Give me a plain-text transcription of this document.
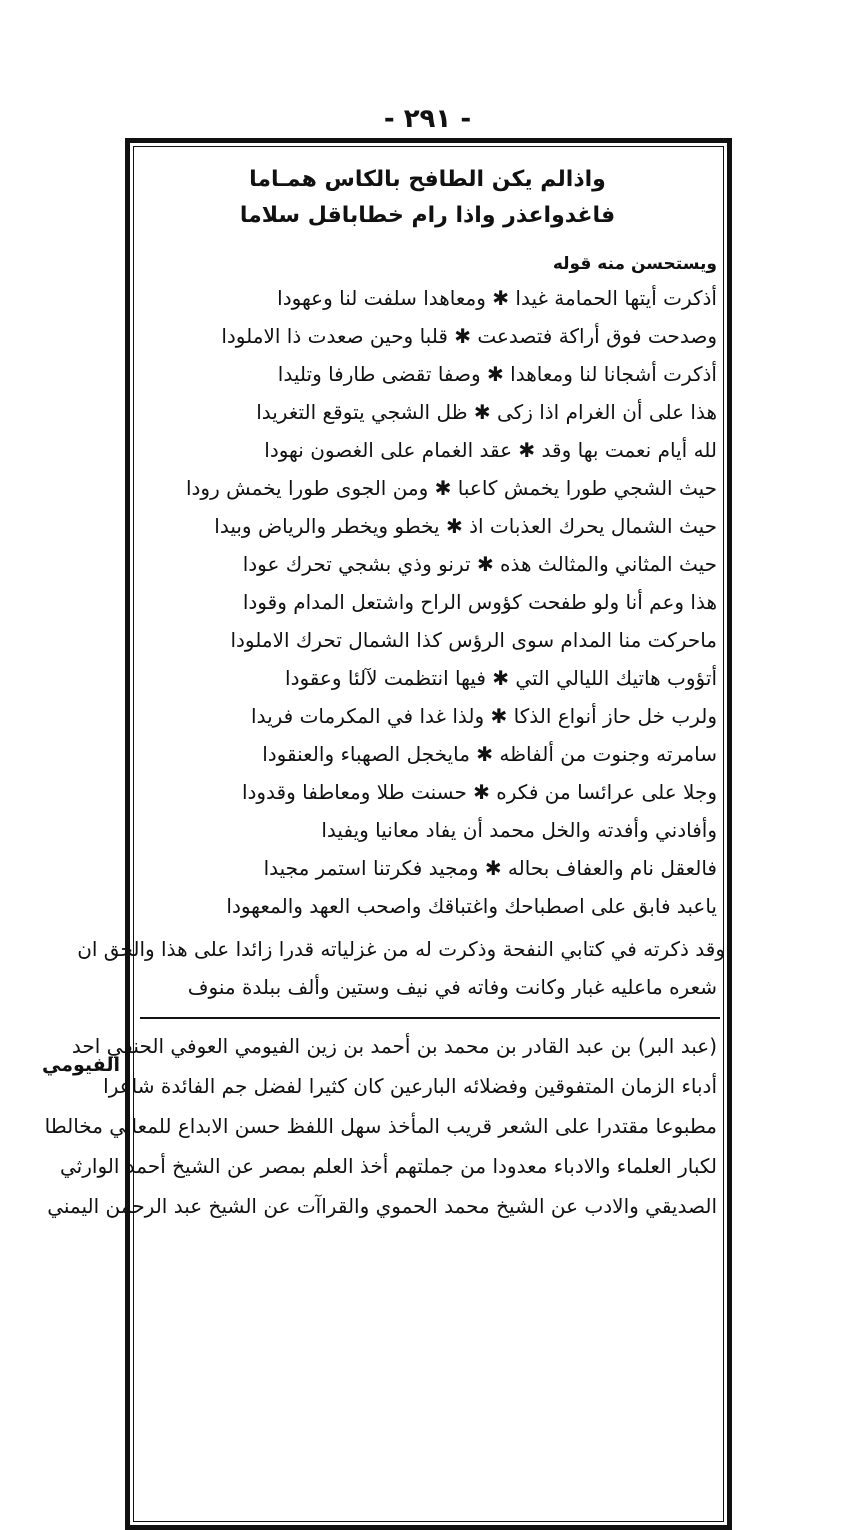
- ٢٩١ -
واذالم يكن الطافح بالكاس همـاما
فاغدواعذر واذا رام خطاباقل سلاما
ويستحسن منه قوله
أذكرت أيتها الحمامة غيدا ✱ ومعاهدا سلفت لنا وعهودا
وصدحت فوق أراكة فتصدعت ✱ قلبا وحين صعدت ذا الاملودا
أذكرت أشجانا لنا ومعاهدا ✱ وصفا تقضى طارفا وتليدا
هذا على أن الغرام اذا زكى ✱ ظل الشجي يتوقع التغريدا
لله أيام نعمت بها وقد ✱ عقد الغمام على الغصون نهودا
حيث الشجي طورا يخمش كاعبا ✱ ومن الجوى طورا يخمش رودا
حيث الشمال يحرك العذبات اذ ✱ يخطو ويخطر والرياض وبيدا
حيث المثاني والمثالث هذه ✱ ترنو وذي بشجي تحرك عودا
هذا وعم أنا ولو طفحت كؤوس الراح واشتعل المدام وقودا
ماحركت منا المدام سوى الرؤس كذا الشمال تحرك الاملودا
أتؤوب هاتيك الليالي التي ✱ فيها انتظمت لآلئا وعقودا
ولرب خل حاز أنواع الذكا ✱ ولذا غدا في المكرمات فريدا
سامرته وجنوت من ألفاظه ✱ مايخجل الصهباء والعنقودا
وجلا على عرائسا من فكره ✱ حسنت طلا ومعاطفا وقدودا
وأفادني وأفدته والخل محمد أن يفاد معانيا ويفيدا
فالعقل نام والعفاف بحاله ✱ ومجيد فكرتنا استمر مجيدا
ياعبد فابق على اصطباحك واغتباقك واصحب العهد والمعهودا
وقد ذكرته في كتابي النفحة وذكرت له من غزلياته قدرا زائدا على هذا والحق ان
شعره ماعليه غبار وكانت وفاته في نيف وستين وألف ببلدة منوف
(عبد البر) بن عبد القادر بن محمد بن أحمد بن زين الفيومي العوفي الحنفي احد
أدباء الزمان المتفوقين وفضلائه البارعين كان كثيرا لفضل جم الفائدة شاعرا
مطبوعا مقتدرا على الشعر قريب المأخذ سهل اللفظ حسن الابداع للمعاني مخالطا
لكبار العلماء والادباء معدودا من جملتهم أخذ العلم بمصر عن الشيخ أحمد الوارثي
الصديقي والادب عن الشيخ محمد الحموي والقراآت عن الشيخ عبد الرحمن اليمني
الفيومي
